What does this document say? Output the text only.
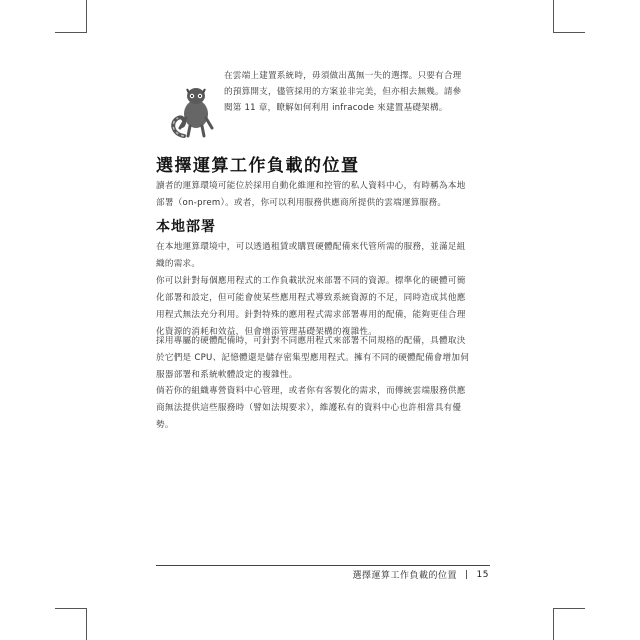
在雲端上建置系統時，毋須做出萬無一失的選擇。只要有合理
的預算開支，儘管採用的方案並非完美，但亦相去無幾。請參
閱第 11 章，瞭解如何利用 infracode 來建置基礎架構。
選擇運算工作負載的位置

讀者的運算環境可能位於採用自動化維運和控管的私人資料中心，有時稱為本地
部署（on-prem）。或者，你可以利用服務供應商所提供的雲端運算服務。

本地部署

在本地運算環境中，可以透過租賃或購買硬體配備來代管所需的服務，並滿足組
織的需求。

你可以針對每個應用程式的工作負載狀況來部署不同的資源。標準化的硬體可簡
化部署和設定，但可能會使某些應用程式導致系統資源的不足，同時造成其他應
用程式無法充分利用。針對特殊的應用程式需求部署專用的配備，能夠更佳合理
化資源的消耗和效益，但會增添管理基礎架構的複雜性。

採用專屬的硬體配備時，可針對不同應用程式來部署不同規格的配備，具體取決
於它們是 CPU、記憶體還是儲存密集型應用程式。擁有不同的硬體配備會增加伺
服器部署和系統軟體設定的複雜性。

倘若你的組織專營資料中心管理，或者你有客製化的需求，而傳統雲端服務供應
商無法提供這些服務時（譬如法規要求），維護私有的資料中心也許相當具有優
勢。

選擇運算工作負載的位置 | 15
